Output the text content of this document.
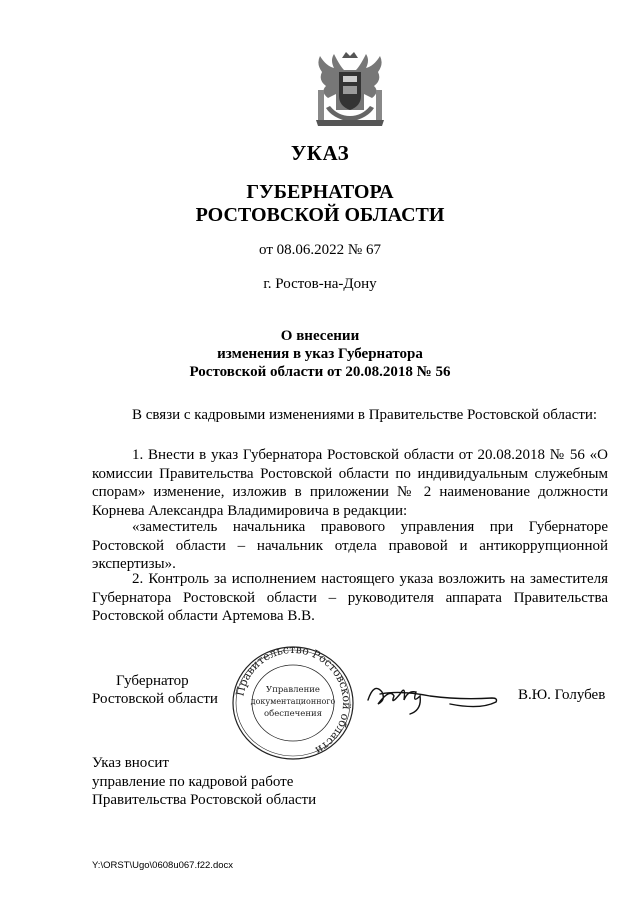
УКАЗ
ГУБЕРНАТОРА
РОСТОВСКОЙ ОБЛАСТИ
от 08.06.2022 № 67
г. Ростов-на-Дону
О внесении
изменения в указ Губернатора
Ростовской области от 20.08.2018 № 56
В связи с кадровыми изменениями в Правительстве Ростовской области:
1. Внести в указ Губернатора Ростовской области от 20.08.2018 № 56 «О комиссии Правительства Ростовской области по индивидуальным служебным спорам» изменение, изложив в приложении № 2 наименование должности Корнева Александра Владимировича в редакции:
«заместитель начальника правового управления при Губернаторе Ростовской области – начальник отдела правовой и антикоррупционной экспертизы».
2. Контроль за исполнением настоящего указа возложить на заместителя Губернатора Ростовской области – руководителя аппарата Правительства Ростовской области Артемова В.В.
Губернатор
Ростовской области Правительство Ростовской области
Управление
документационного
обеспечения
В.Ю. Голубев
Указ вносит
управление по кадровой работе
Правительства Ростовской области
Y:\ORST\Ugo\0608u067.f22.docx
